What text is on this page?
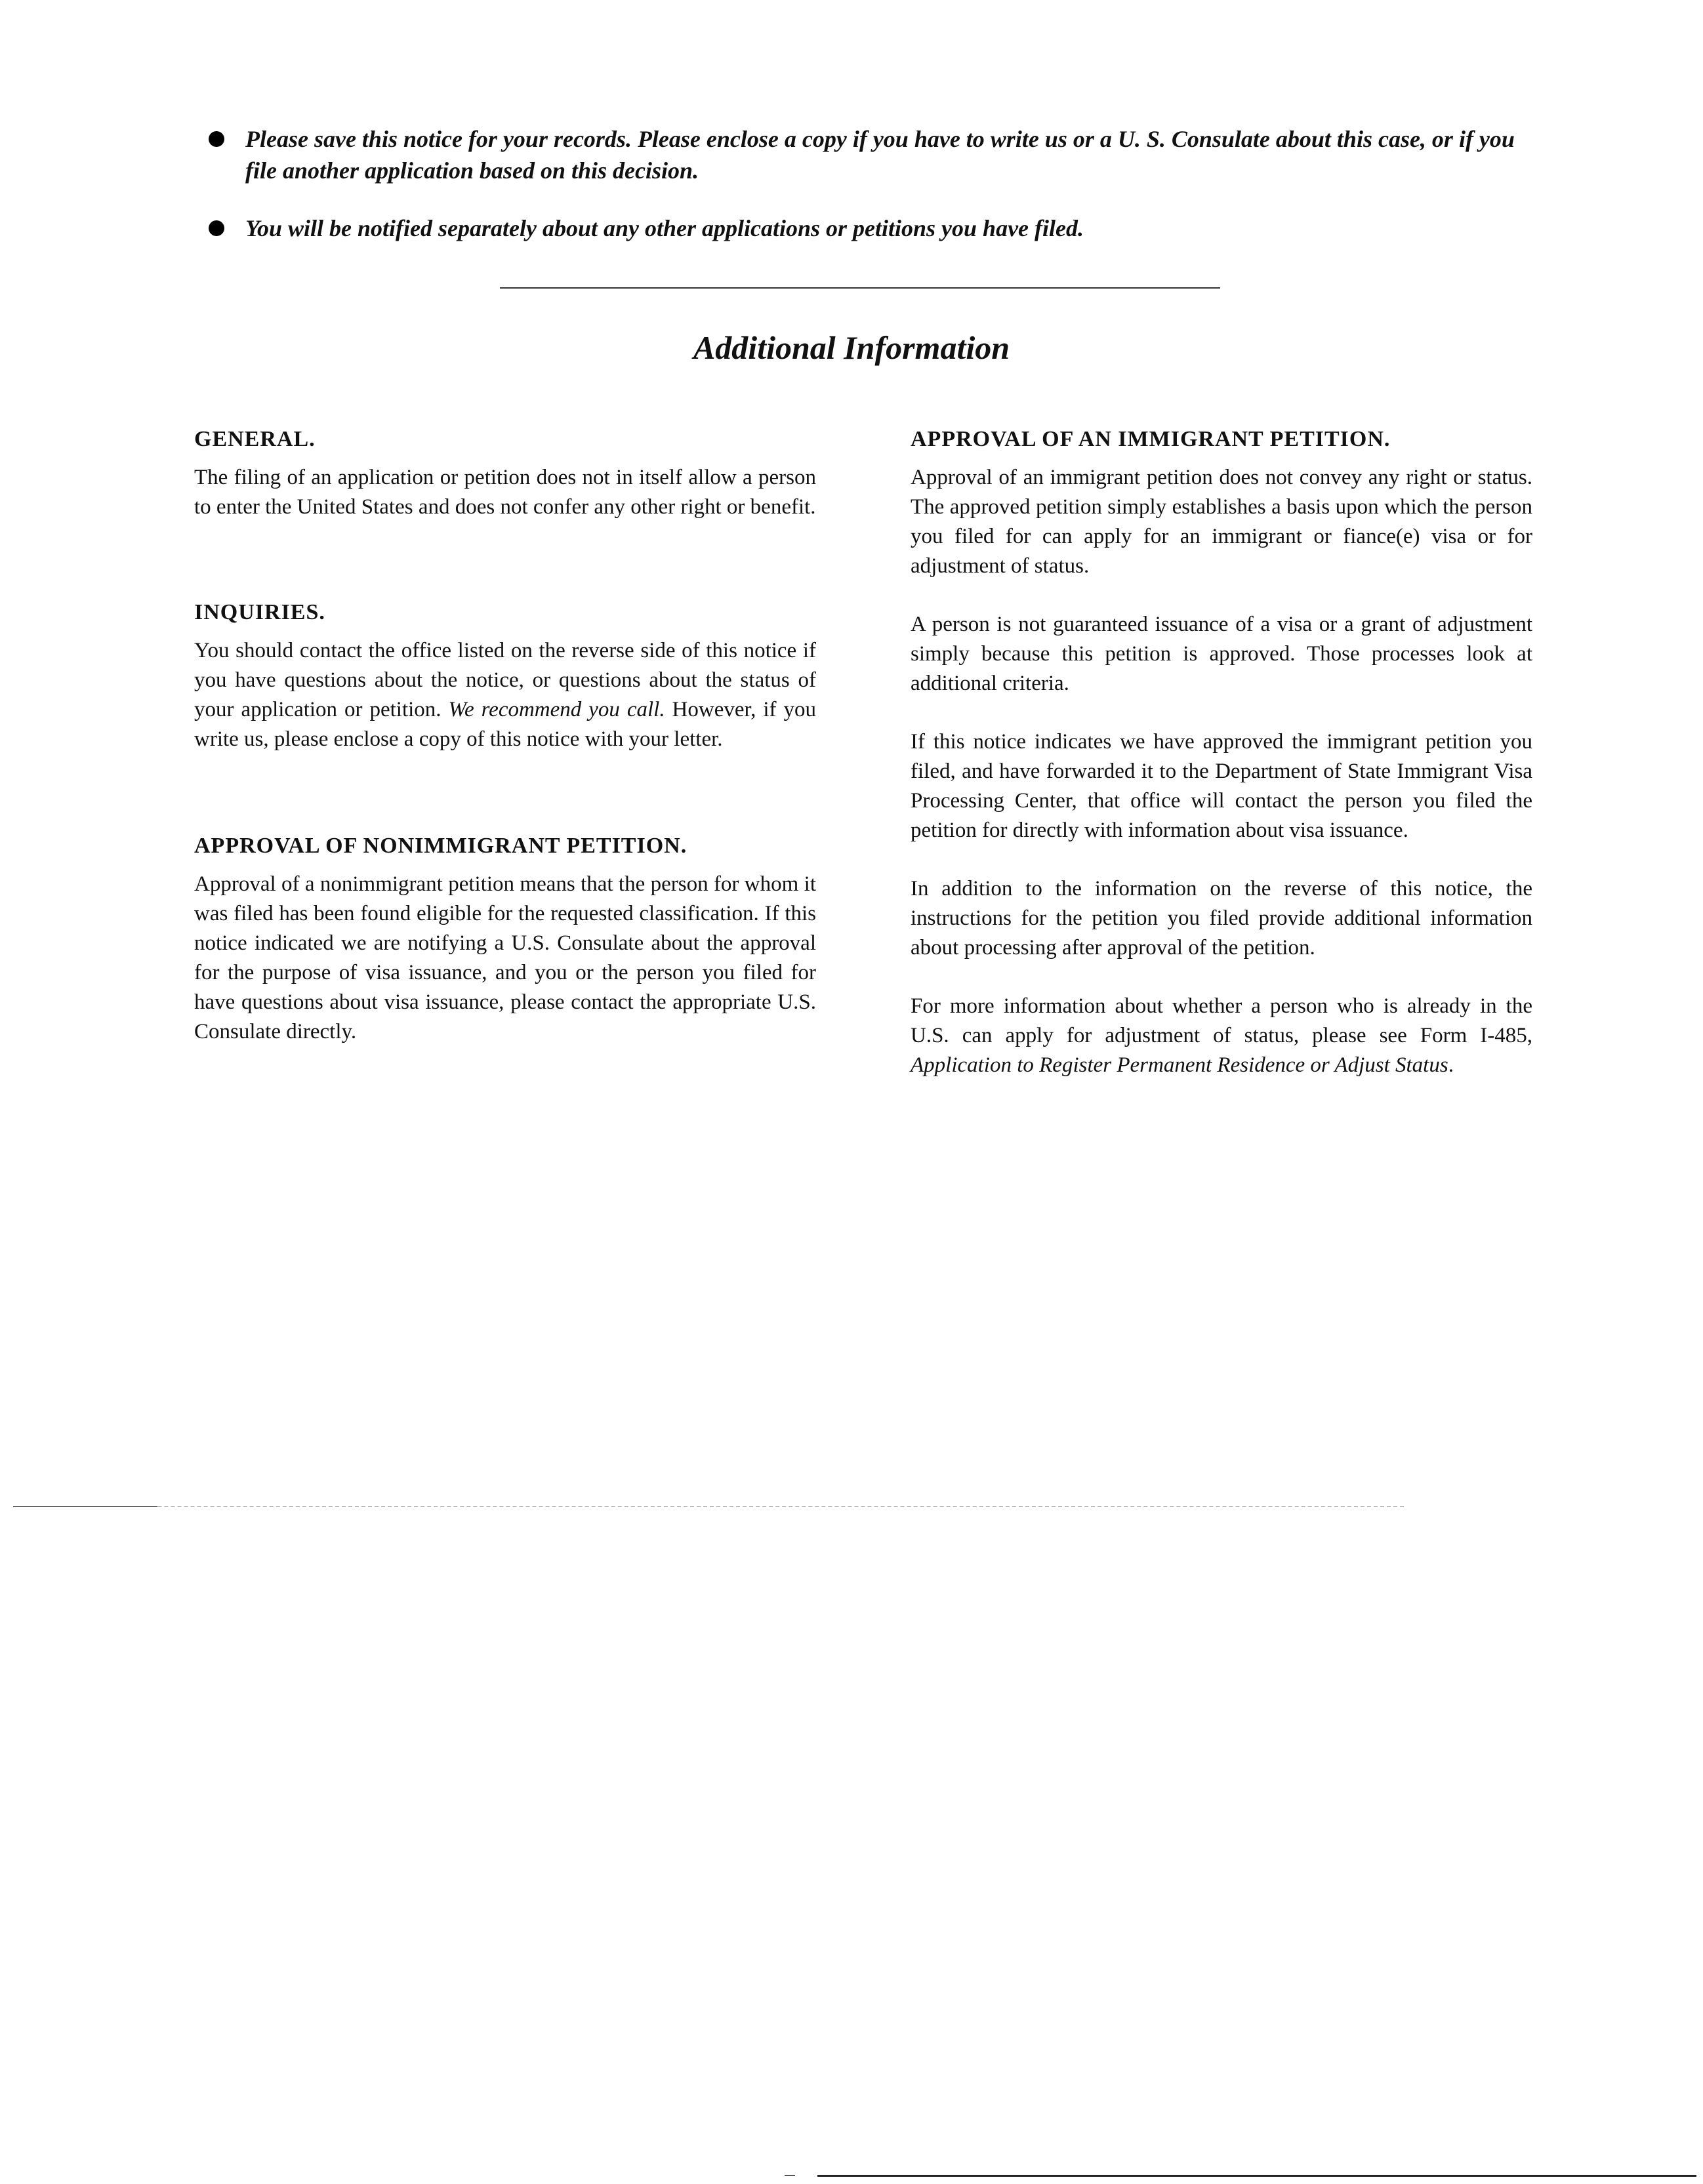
Please save this notice for your records. Please enclose a copy if you have to write us or a U. S. Consulate about this case, or if you file another application based on this decision.
You will be notified separately about any other applications or petitions you have filed.
Additional Information
GENERAL.

The filing of an application or petition does not in itself allow a person to enter the United States and does not confer any other right or benefit.

INQUIRIES.

You should contact the office listed on the reverse side of this notice if you have questions about the notice, or questions about the status of your application or petition. We recommend you call. However, if you write us, please enclose a copy of this notice with your letter.

APPROVAL OF NONIMMIGRANT PETITION.

Approval of a nonimmigrant petition means that the person for whom it was filed has been found eligible for the requested classification. If this notice indicated we are notifying a U.S. Consulate about the approval for the purpose of visa issuance, and you or the person you filed for have questions about visa issuance, please contact the appropriate U.S. Consulate directly.

APPROVAL OF AN IMMIGRANT PETITION.

Approval of an immigrant petition does not convey any right or status. The approved petition simply establishes a basis upon which the person you filed for can apply for an immigrant or fiance(e) visa or for adjustment of status.

A person is not guaranteed issuance of a visa or a grant of adjustment simply because this petition is approved. Those processes look at additional criteria.

If this notice indicates we have approved the immigrant petition you filed, and have forwarded it to the Department of State Immigrant Visa Processing Center, that office will contact the person you filed the petition for directly with information about visa issuance.

In addition to the information on the reverse of this notice, the instructions for the petition you filed provide additional information about processing after approval of the petition.

For more information about whether a person who is already in the U.S. can apply for adjustment of status, please see Form I-485, Application to Register Permanent Residence or Adjust Status.
